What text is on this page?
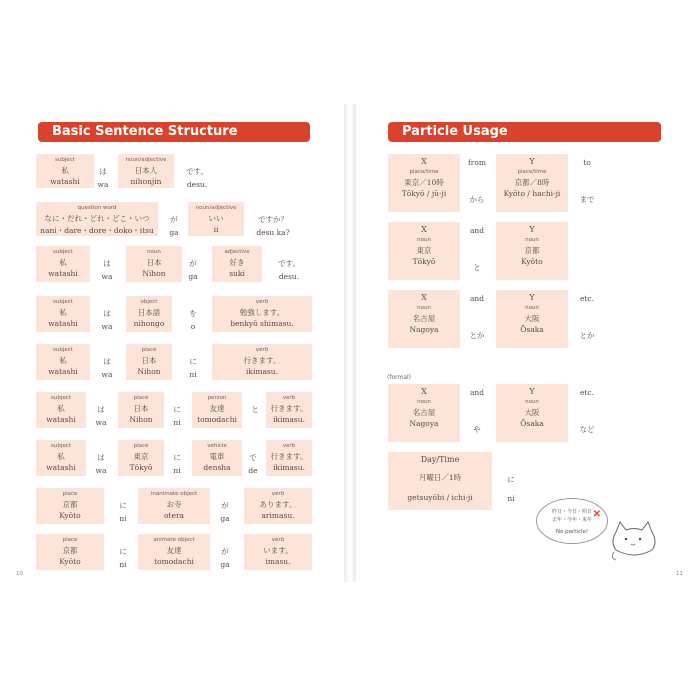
Basic Sentence Structure	Particle Usage
subject
私
watashi
noun/adjective
日本人
nihonjin
は
wa
です。
desu.
question word
なに・だれ・どれ・どこ・いつ
nani・dare・dore・doko・itsu
noun/adjective
いい
ii
が
ga
ですか？
desu ka?
subject
私
watashi
noun
日本
Nihon
adjective
好き
suki
は
wa
が
ga
です。
desu.
subject
私
watashi
object
日本語
nihongo
verb
勉強します。
benkyō shimasu.
は
wa
を
o
subject
私
watashi
place
日本
Nihon
verb
行きます。
ikimasu.
は
wa
に
ni
subject
私
watashi
place
日本
Nihon
person
友達
tomodachi
verb
行きます。
ikimasu.
は
wa
に
ni
と
subject
私
watashi
place
東京
Tōkyō
vehicle
電車
densha
verb
行きます。
ikimasu.
は
wa
に
ni
で
de
place
京都
Kyōto
inanimate object
お寺
otera
verb
あります。
arimasu.
に
ni
が
ga
place
京都
Kyōto
animate object
友達
tomodachi
verb
います。
imasu.
に
ni
が
ga
X
place/time
東京／10時
Tōkyō / jū-ji
Y
place/time
京都／8時
Kyōto / hachi-ji
from
から
to
まで
X
noun
東京
Tōkyō
Y
noun
京都
Kyōto
and
と
X
noun
名古屋
Nagoya
Y
noun
大阪
Ōsaka
and
とか
etc.
とか
X
noun
名古屋
Nagoya
Y
noun
大阪
Ōsaka
and
や
etc.
など
Day/Time
月曜日／1時
getsuyōbi / ichi-ji
に
ni
(formal)
昨日・今日・明日
去年・今年・来年
No particle!
✕
10	11
